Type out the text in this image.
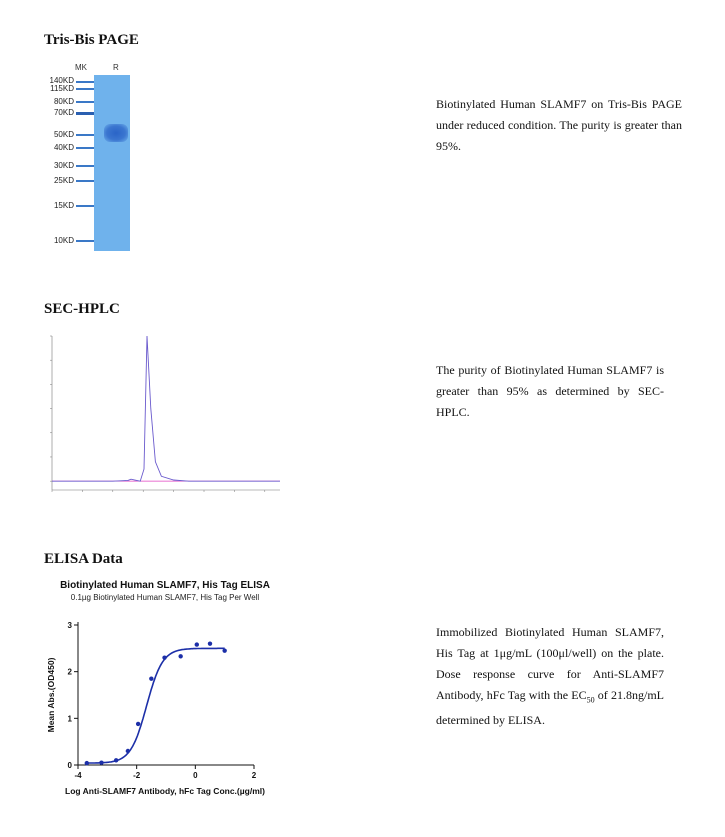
Tris-Bis PAGE
MK	R
140KD
115KD
80KD
70KD
50KD
40KD
30KD
25KD
15KD
10KD
Biotinylated Human SLAMF7 on Tris-Bis PAGE under reduced condition. The purity is greater than 95%.
SEC-HPLC
The purity of Biotinylated Human SLAMF7 is greater than 95% as determined by SEC-HPLC.
ELISA Data
Biotinylated Human SLAMF7, His Tag ELISA
0.1µg Biotinylated Human SLAMF7, His Tag Per Well
0
1
2
3
-4	-2	0	2
Log Anti-SLAMF7 Antibody, hFc Tag Conc.(µg/ml)
Mean Abs.(OD450)
Immobilized Biotinylated Human SLAMF7, His Tag at 1μg/mL (100μl/well) on the plate. Dose response curve for Anti-SLAMF7 Antibody, hFc Tag with the $EC_{50}$ of 21.8ng/mL determined by ELISA.
